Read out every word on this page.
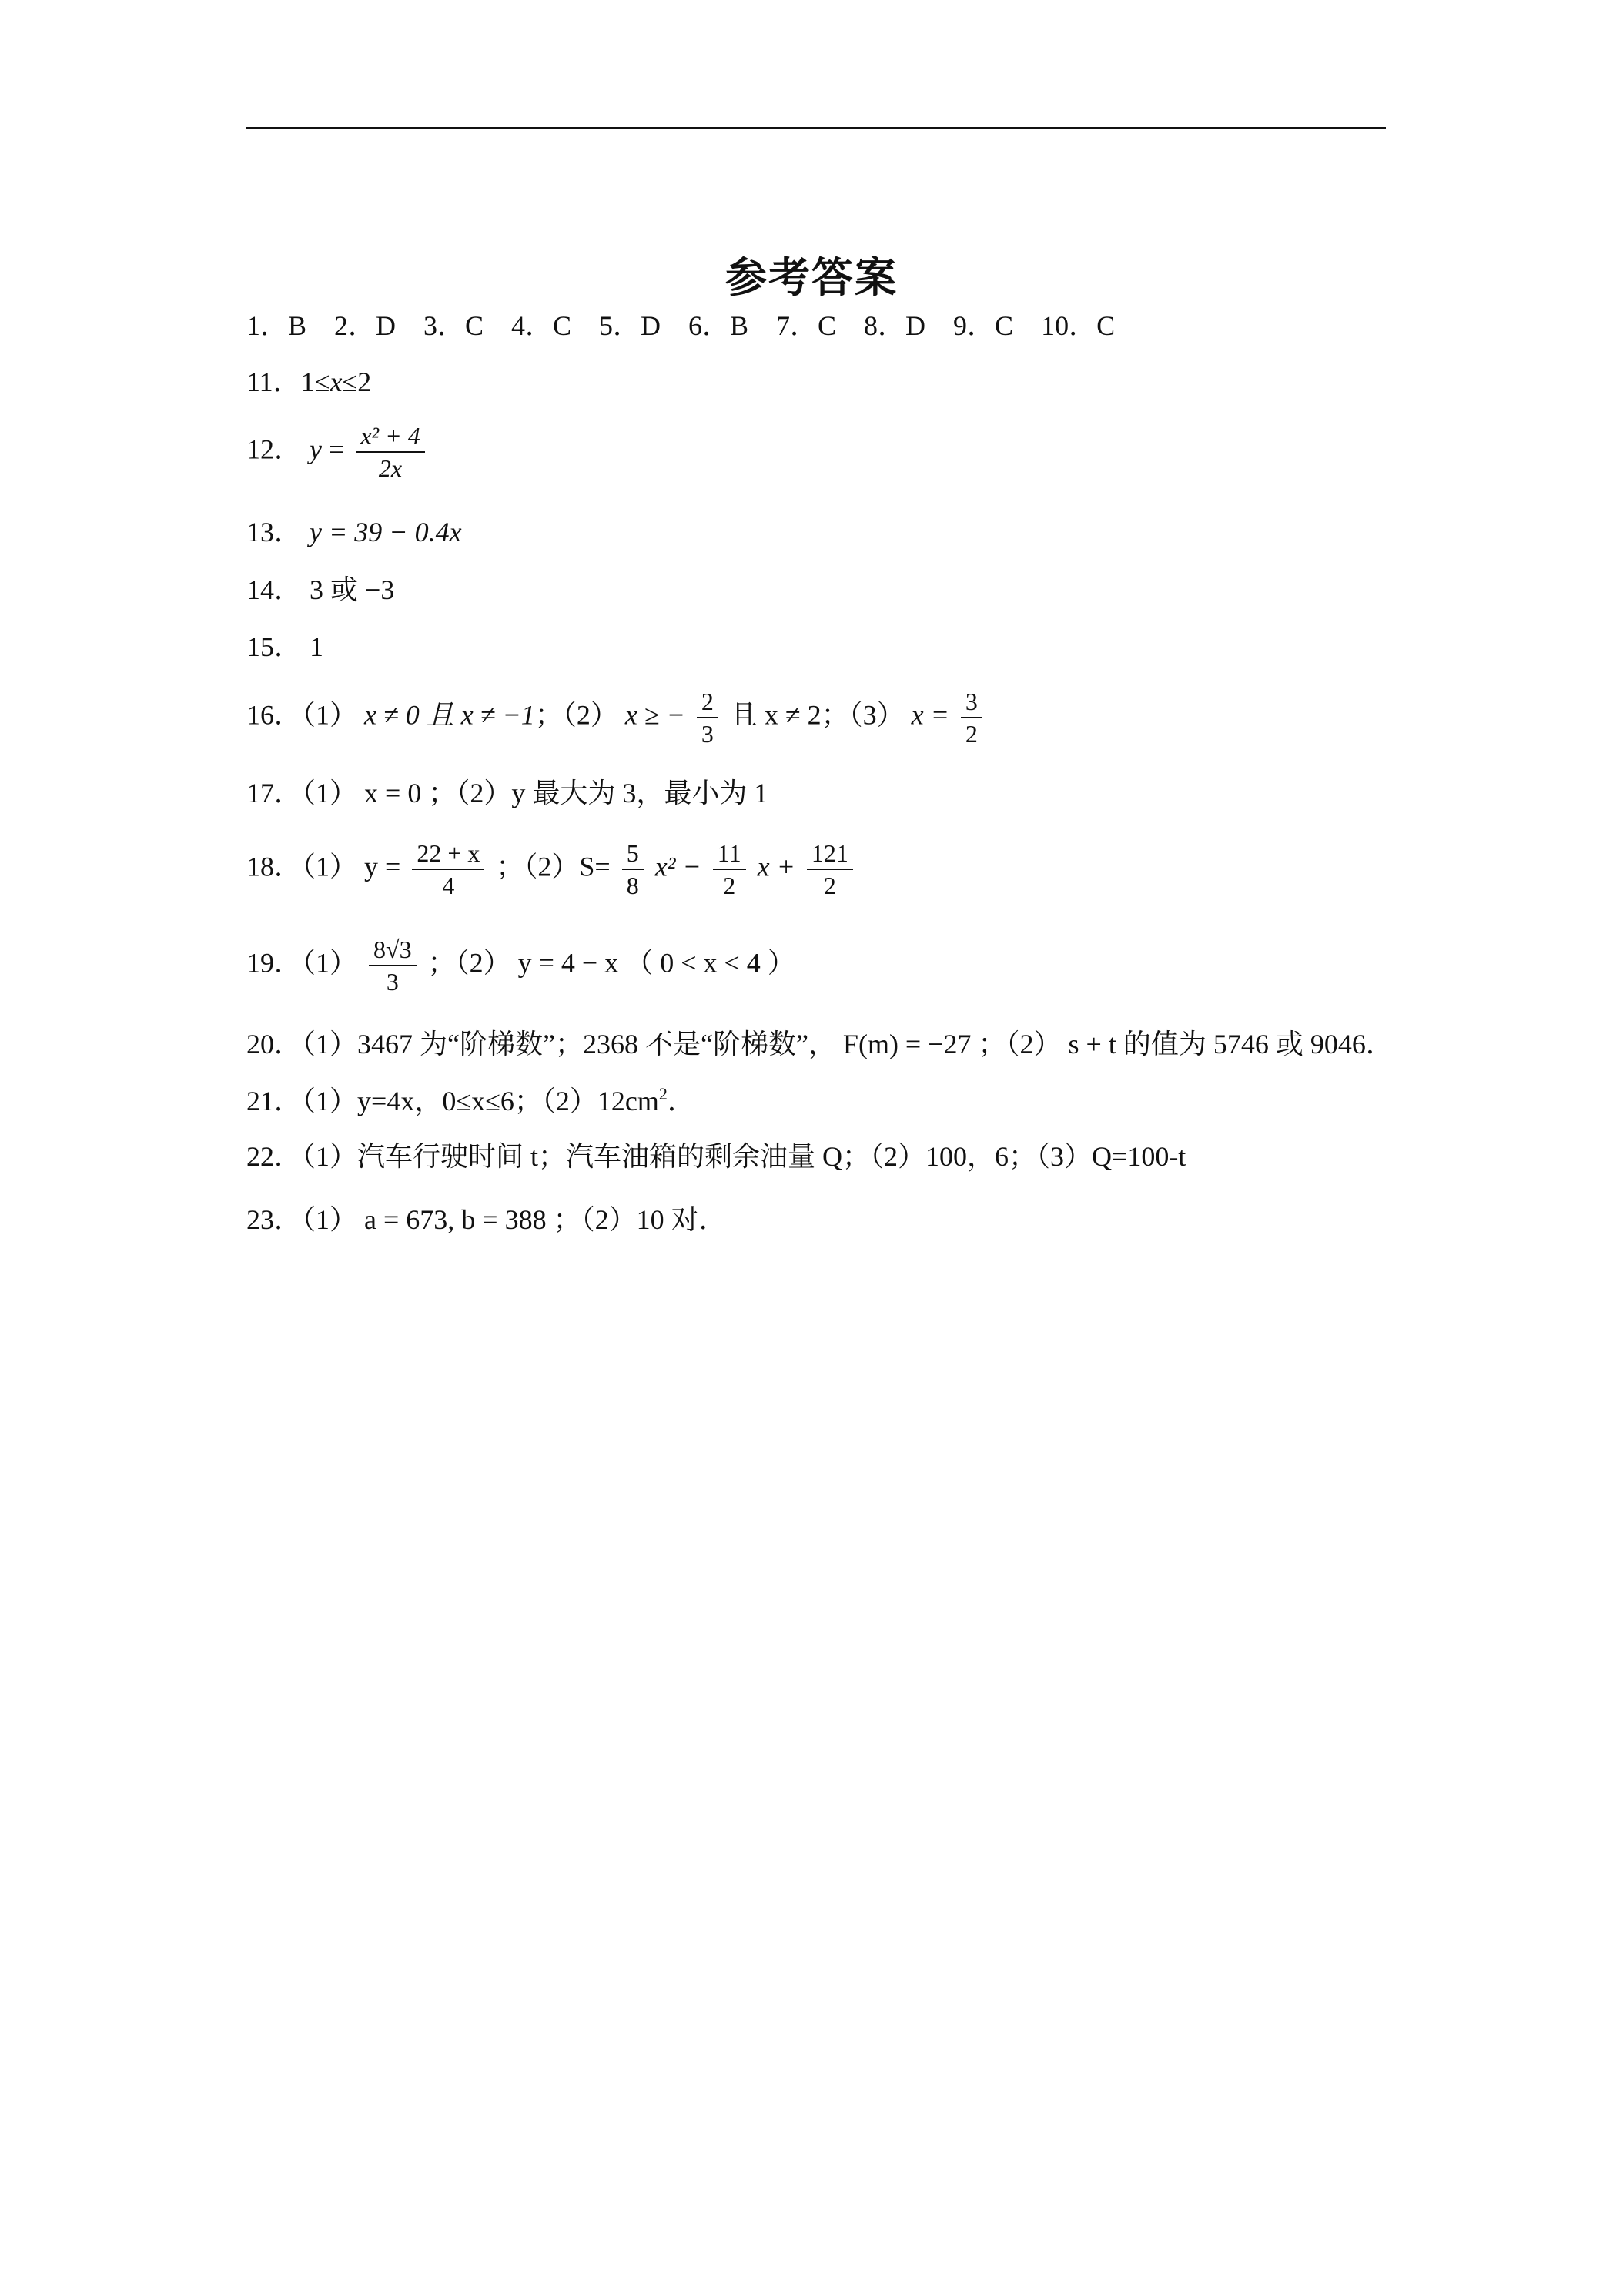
参考答案
1．B　2．D　3．C　4．C　5．D　6．B　7．C　8．D　9．C　10．C
11．1≤x≤2
12． $y = \frac{\text{x² + 4}}{2x}$
13． y = 39 − 0.4x
14． 3 或 −3
15． 1
16．（1） x ≠ 0 且 x ≠ −1；（2） x ≥ − $\frac{2}{3}$ 且 x ≠ 2；（3） $x = \frac{3}{2}$
17．（1） x = 0 ；（2）y 最大为 3，最小为 1
18．（1） $y = \frac{22 + x}{4}$ ；$(2)S= \frac{5}{8} x^2 - \frac{11}{2}$ $x + \frac{121}{2}$
19．$(1) \frac{8√3}{3}$ ；（2） y = 4 − x （ 0 < x < 4 ）
20．（1）3467 为“阶梯数”；2368 不是“阶梯数”， F(m) = −27 ；（2） s + t 的值为 5746 或 9046．
21．（1）y=4x，0≤x≤6；$(2)12cm^2$．
22．（1）汽车行驶时间 t；汽车油箱的剩余油量 Q；（2）100，6；（3）Q=100-t
23．（1） a = 673, b = 388 ；（2）10 对．
